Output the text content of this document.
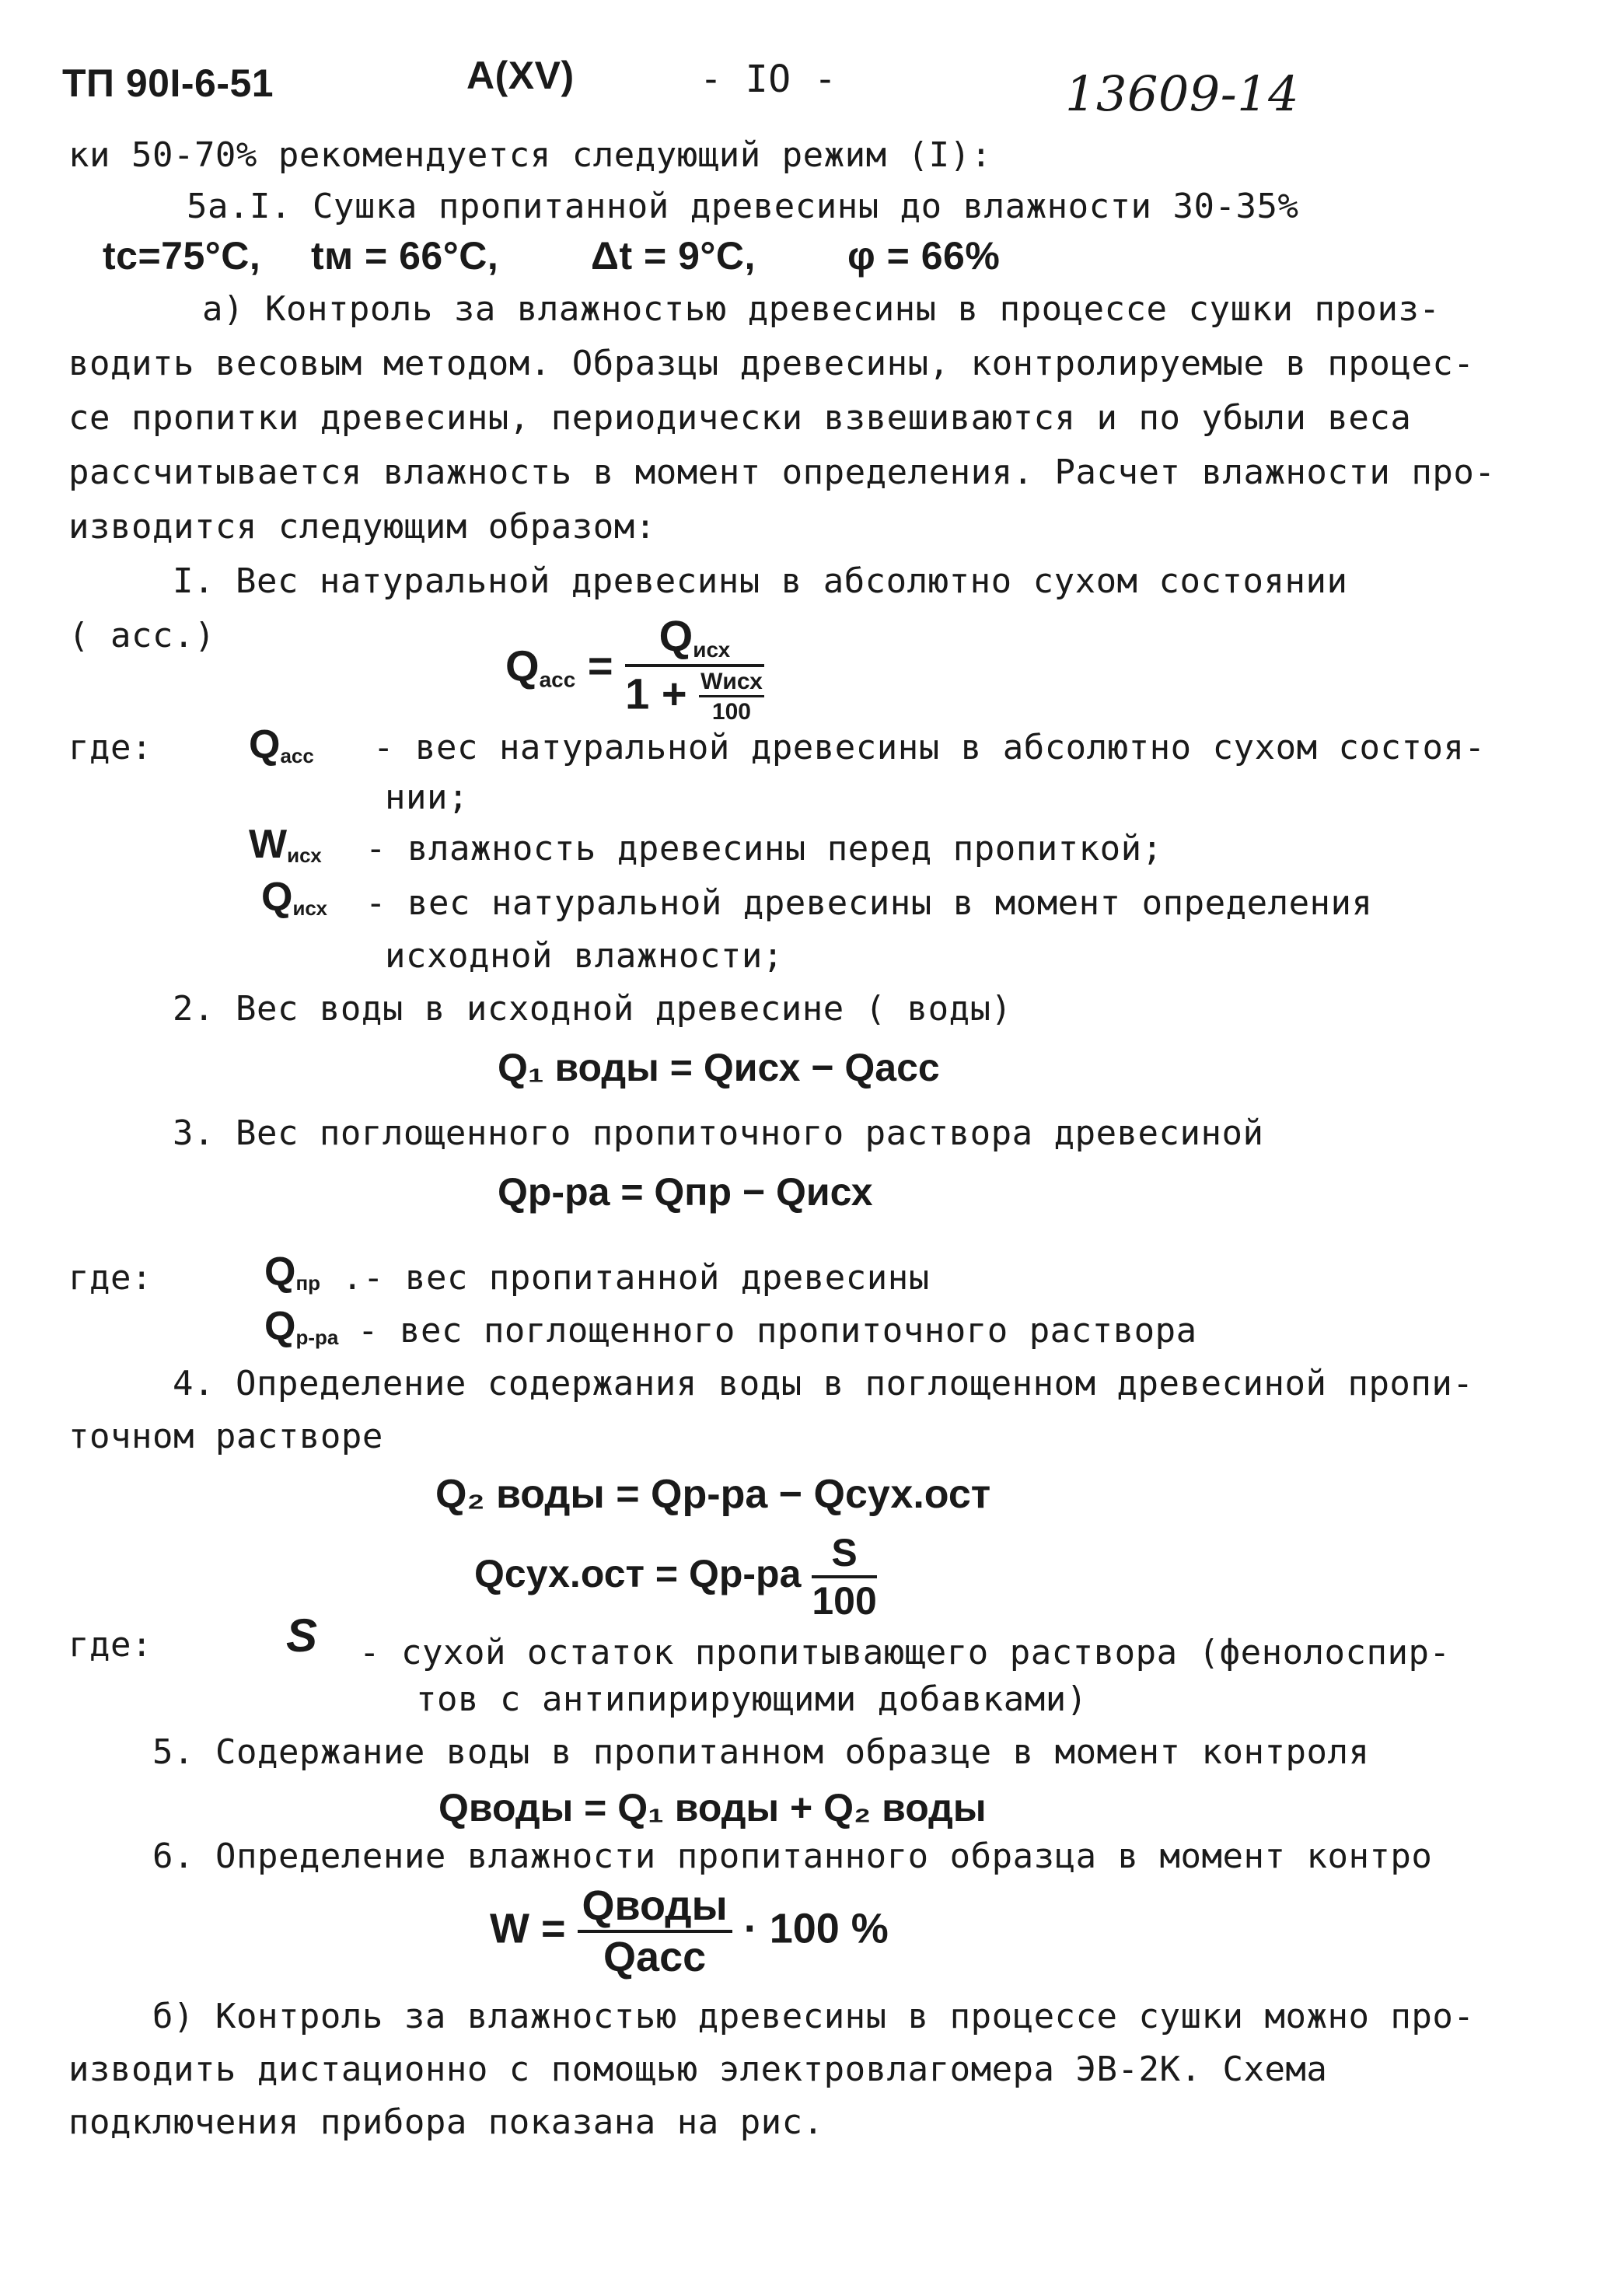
ТП 90I-6-51	А(XV)	- IO -	13609-14
ки 50-70% рекомендуется следующий режим (I):
5а.I. Сушка пропитанной древесины до влажности 30-35%
tс=75°С, tм = 66°С, Δt = 9°С, φ = 66%
а) Контроль за влажностью древесины в процессе сушки произ-
водить весовым методом. Образцы древесины, контролируемые в процес-
се пропитки древесины, периодически взвешиваются и по убыли веса
рассчитывается влажность в момент определения. Расчет влажности про-
изводится следующим образом:
I. Вес натуральной древесины в абсолютно сухом состоянии
( асс.)
$Q_{асс} = \frac{Q_{исх}}{1 + \frac{\text{Wисх}}{100}}$
где: $Q_{асс}$ - вес натуральной древесины в абсолютно сухом состоя-
нии;
$W_{исх}$ - влажность древесины перед пропиткой;
$Q_{исх}$ - вес натуральной древесины в момент определения
исходной влажности;
2. Вес воды в исходной древесине ( воды)
Q₁ воды = Qисх − Qасс
3. Вес поглощенного пропиточного раствора древесиной
Qр-ра = Qпр − Qисх
где:	$Q_{пр}$ .- вес пропитанной древесины
$Q_{р-ра}$ - вес поглощенного пропиточного раствора
4. Определение содержания воды в поглощенном древесиной пропи-
точном растворе
Q₂ воды = Qр-ра − Qсух.ост
Qсух.ост = $Qр-ра \frac{S}{100}$
где:	S - сухой остаток пропитывающего раствора (фенолоспир-
тов с антипирирующими добавками)
5. Содержание воды в пропитанном образце в момент контроля
Qводы = Q₁ воды + Q₂ воды
6. Определение влажности пропитанного образца в момент контро
$W = \frac{\text{Qводы}}{\text{Qасс}} \cdot 100$ %
б) Контроль за влажностью древесины в процессе сушки можно про-
изводить дистационно с помощью электровлагомера ЭВ-2К. Схема
подключения прибора показана на рис.
